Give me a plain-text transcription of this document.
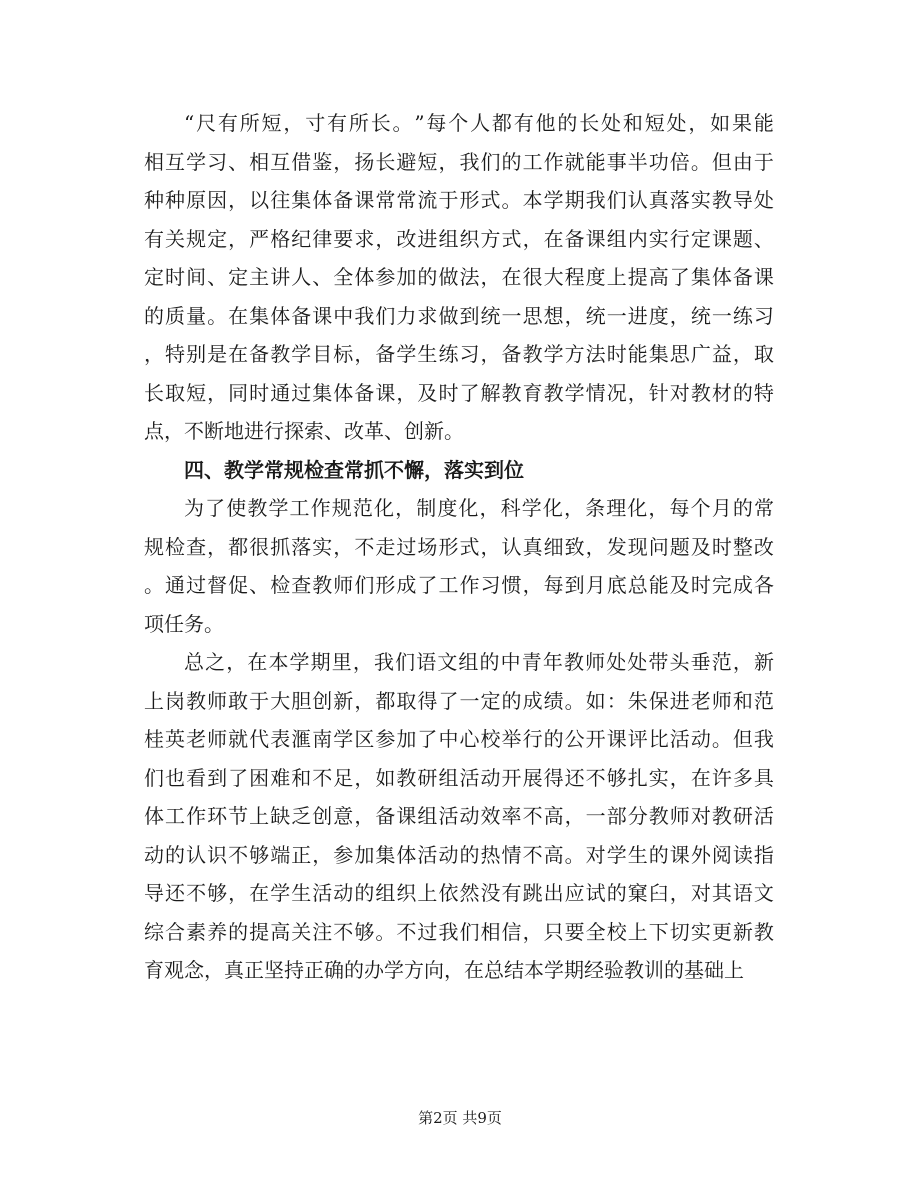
“ 尺 有 所 短 ， 寸 有 所 长 。 ” 每 个 人 都 有 他 的 长 处 和 短 处 ， 如 果 能
相 互 学 习 、 相 互 借 鉴 ， 扬 长 避 短 ， 我 们 的 工 作 就 能 事 半 功 倍 。 但 由 于
种 种 原 因 ， 以 往 集 体 备 课 常 常 流 于 形 式 。 本 学 期 我 们 认 真 落 实 教 导 处
有 关 规 定 ， 严 格 纪 律 要 求 ， 改 进 组 织 方 式 ， 在 备 课 组 内 实 行 定 课 题 、
定 时 间 、 定 主 讲 人 、 全 体 参 加 的 做 法 ， 在 很 大 程 度 上 提 高 了 集 体 备 课
的 质 量 。 在 集 体 备 课 中 我 们 力 求 做 到 统 一 思 想 ， 统 一 进 度 ， 统 一 练 习
， 特 别 是 在 备 教 学 目 标 ， 备 学 生 练 习 ， 备 教 学 方 法 时 能 集 思 广 益 ， 取
长 取 短 ， 同 时 通 过 集 体 备 课 ， 及 时 了 解 教 育 教 学 情 况 ， 针 对 教 材 的 特
点，不断地进行探索、改革、创新。
四、教学常规检查常抓不懈，落实到位
为 了 使 教 学 工 作 规 范 化 ， 制 度 化 ， 科 学 化 ， 条 理 化 ， 每 个 月 的 常
规 检 查 ， 都 很 抓 落 实 ， 不 走 过 场 形 式 ， 认 真 细 致 ， 发 现 问 题 及 时 整 改
。 通 过 督 促 、 检 查 教 师 们 形 成 了 工 作 习 惯 ， 每 到 月 底 总 能 及 时 完 成 各
项任务。
总 之 ， 在 本 学 期 里 ， 我 们 语 文 组 的 中 青 年 教 师 处 处 带 头 垂 范 ， 新
上 岗 教 师 敢 于 大 胆 创 新 ， 都 取 得 了 一 定 的 成 绩 。 如 ： 朱 保 进 老 师 和 范
桂 英 老 师 就 代 表 滙 南 学 区 参 加 了 中 心 校 举 行 的 公 开 课 评 比 活 动 。 但 我
们 也 看 到 了 困 难 和 不 足 ， 如 教 研 组 活 动 开 展 得 还 不 够 扎 实 ， 在 许 多 具
体 工 作 环 节 上 缺 乏 创 意 ， 备 课 组 活 动 效 率 不 高 ， 一 部 分 教 师 对 教 研 活
动 的 认 识 不 够 端 正 ， 参 加 集 体 活 动 的 热 情 不 高 。 对 学 生 的 课 外 阅 读 指
导 还 不 够 ， 在 学 生 活 动 的 组 织 上 依 然 没 有 跳 出 应 试 的 窠 臼 ， 对 其 语 文
综 合 素 养 的 提 高 关 注 不 够 。 不 过 我 们 相 信 ， 只 要 全 校 上 下 切 实 更 新 教
育观念，真正坚持正确的办学方向，在总结本学期经验教训的基础上
第2页 共9页
